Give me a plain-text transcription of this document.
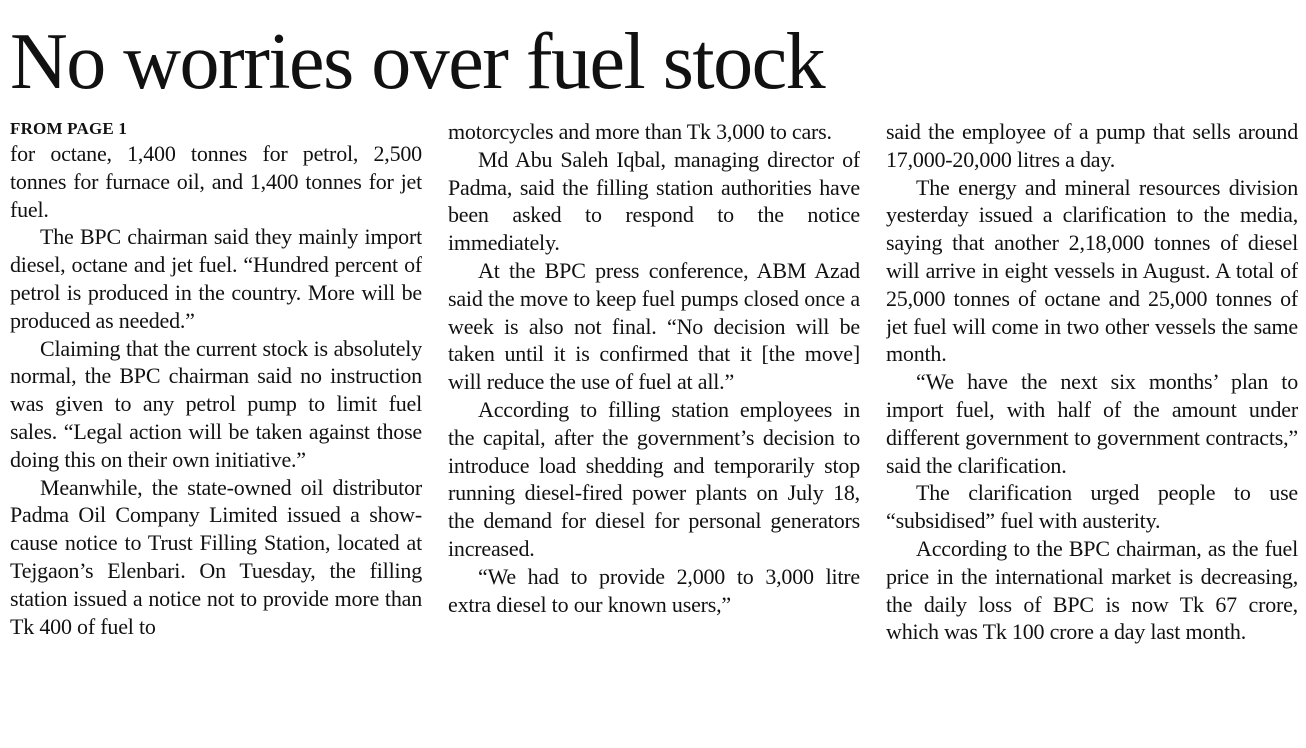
No worries over fuel stock
FROM PAGE 1

for octane, 1,400 tonnes for petrol, 2,500 tonnes for furnace oil, and 1,400 tonnes for jet fuel.

The BPC chairman said they mainly import diesel, octane and jet fuel. “Hundred percent of petrol is produced in the country. More will be produced as needed.”

Claiming that the current stock is absolutely normal, the BPC chairman said no instruction was given to any petrol pump to limit fuel sales. “Legal action will be taken against those doing this on their own initiative.”

Meanwhile, the state-owned oil distributor Padma Oil Company Limited issued a show-cause notice to Trust Filling Station, located at Tejgaon’s Elenbari. On Tuesday, the filling station issued a notice not to provide more than Tk 400 of fuel to

motorcycles and more than Tk 3,000 to cars.

Md Abu Saleh Iqbal, managing director of Padma, said the filling station authorities have been asked to respond to the notice immediately.

At the BPC press conference, ABM Azad said the move to keep fuel pumps closed once a week is also not final. “No decision will be taken until it is confirmed that it [the move] will reduce the use of fuel at all.”

According to filling station employees in the capital, after the government’s decision to introduce load shedding and temporarily stop running diesel-fired power plants on July 18, the demand for diesel for personal generators increased.

“We had to provide 2,000 to 3,000 litre extra diesel to our known users,”

said the employee of a pump that sells around 17,000-20,000 litres a day.

The energy and mineral resources division yesterday issued a clarification to the media, saying that another 2,18,000 tonnes of diesel will arrive in eight vessels in August. A total of 25,000 tonnes of octane and 25,000 tonnes of jet fuel will come in two other vessels the same month.

“We have the next six months’ plan to import fuel, with half of the amount under different government to government contracts,” said the clarification.

The clarification urged people to use “subsidised” fuel with austerity.

According to the BPC chairman, as the fuel price in the international market is decreasing, the daily loss of BPC is now Tk 67 crore, which was Tk 100 crore a day last month.
